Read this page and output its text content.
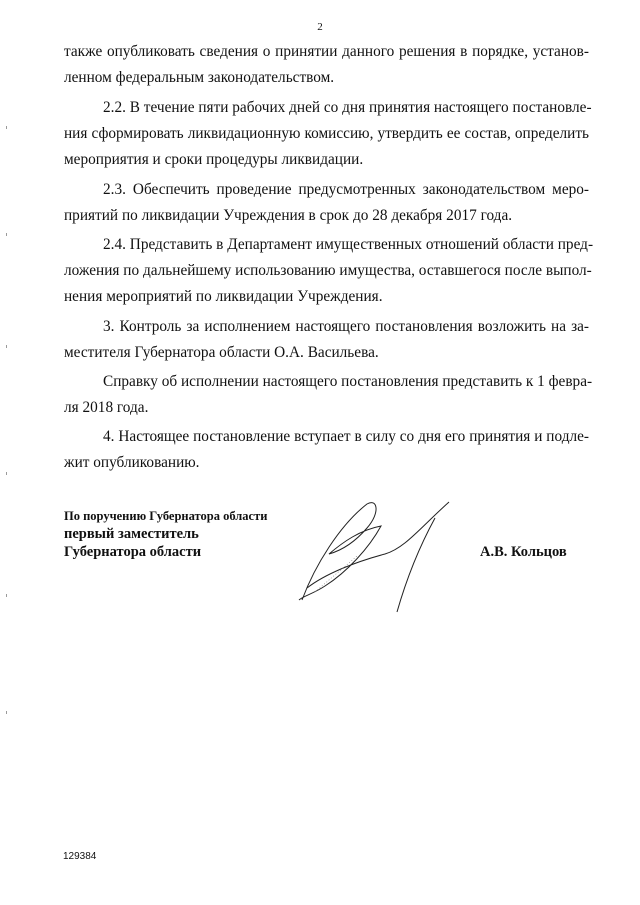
2
также опубликовать сведения о принятии данного решения в порядке, установ-
ленном федеральным законодательством.
2.2. В течение пяти рабочих дней со дня принятия настоящего постановле-
ния сформировать ликвидационную комиссию, утвердить ее состав, определить
мероприятия и сроки процедуры ликвидации.
2.3. Обеспечить проведение предусмотренных законодательством меро-
приятий по ликвидации Учреждения в срок до 28 декабря 2017 года.
2.4. Представить в Департамент имущественных отношений области пред-
ложения по дальнейшему использованию имущества, оставшегося после выпол-
нения мероприятий по ликвидации Учреждения.
3. Контроль за исполнением настоящего постановления возложить на за-
местителя Губернатора области О.А. Васильева.
Справку об исполнении настоящего постановления представить к 1 феврa-
ля 2018 года.
4. Настоящее постановление вступает в силу со дня его принятия и подле-
жит опубликованию.
По поручению Губернатора области
первый заместитель
Губернатора области	А.В. Кольцов
129384
